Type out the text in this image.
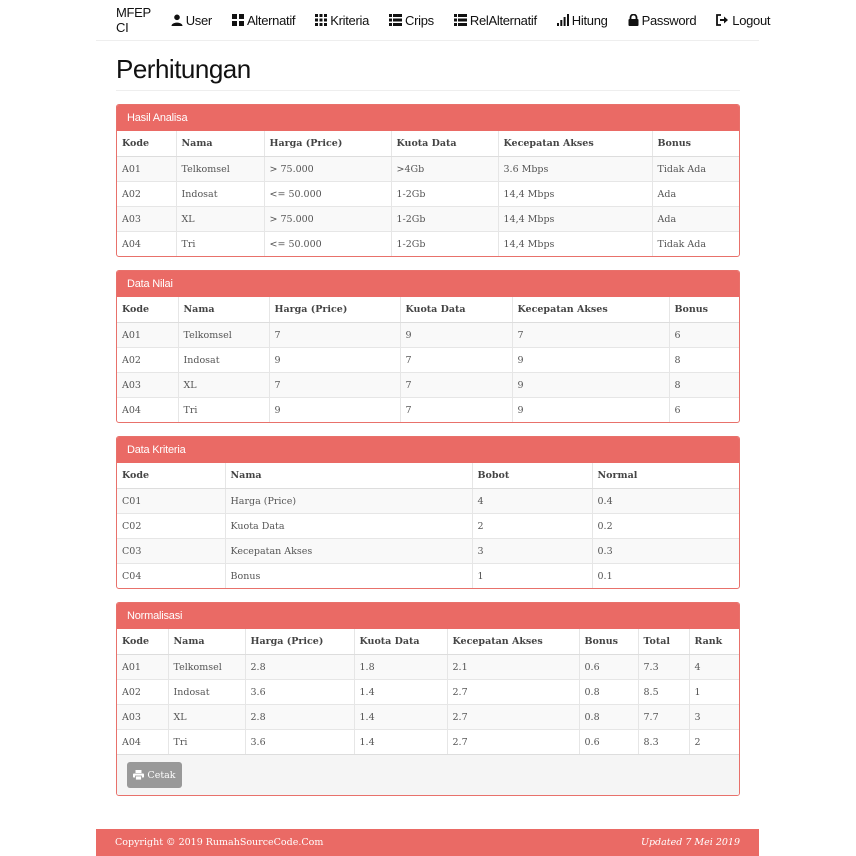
MFEP CI	User	Alternatif	Kriteria	Crips	RelAlternatif	Hitung	Password	Logout
Perhitungan
Hasil Analisa
Kode	Nama	Harga (Price)	Kuota Data	Kecepatan Akses	Bonus
A01	Telkomsel	> 75.000	>4Gb	3.6 Mbps	Tidak Ada
A02	Indosat	<= 50.000	1-2Gb	14,4 Mbps	Ada
A03	XL	> 75.000	1-2Gb	14,4 Mbps	Ada
A04	Tri	<= 50.000	1-2Gb	14,4 Mbps	Tidak Ada
Data Nilai
Kode	Nama	Harga (Price)	Kuota Data	Kecepatan Akses	Bonus
A01	Telkomsel	7	9	7	6
A02	Indosat	9	7	9	8
A03	XL	7	7	9	8
A04	Tri	9	7	9	6
Data Kriteria
Kode	Nama	Bobot	Normal
C01	Harga (Price)	4	0.4
C02	Kuota Data	2	0.2
C03	Kecepatan Akses	3	0.3
C04	Bonus	1	0.1
Normalisasi
Kode	Nama	Harga (Price)	Kuota Data	Kecepatan Akses	Bonus	Total	Rank
A01	Telkomsel	2.8	1.8	2.1	0.6	7.3	4
A02	Indosat	3.6	1.4	2.7	0.8	8.5	1
A03	XL	2.8	1.4	2.7	0.8	7.7	3
A04	Tri	3.6	1.4	2.7	0.6	8.3	2
Cetak
Copyright © 2019 RumahSourceCode.Com	Updated 7 Mei 2019
